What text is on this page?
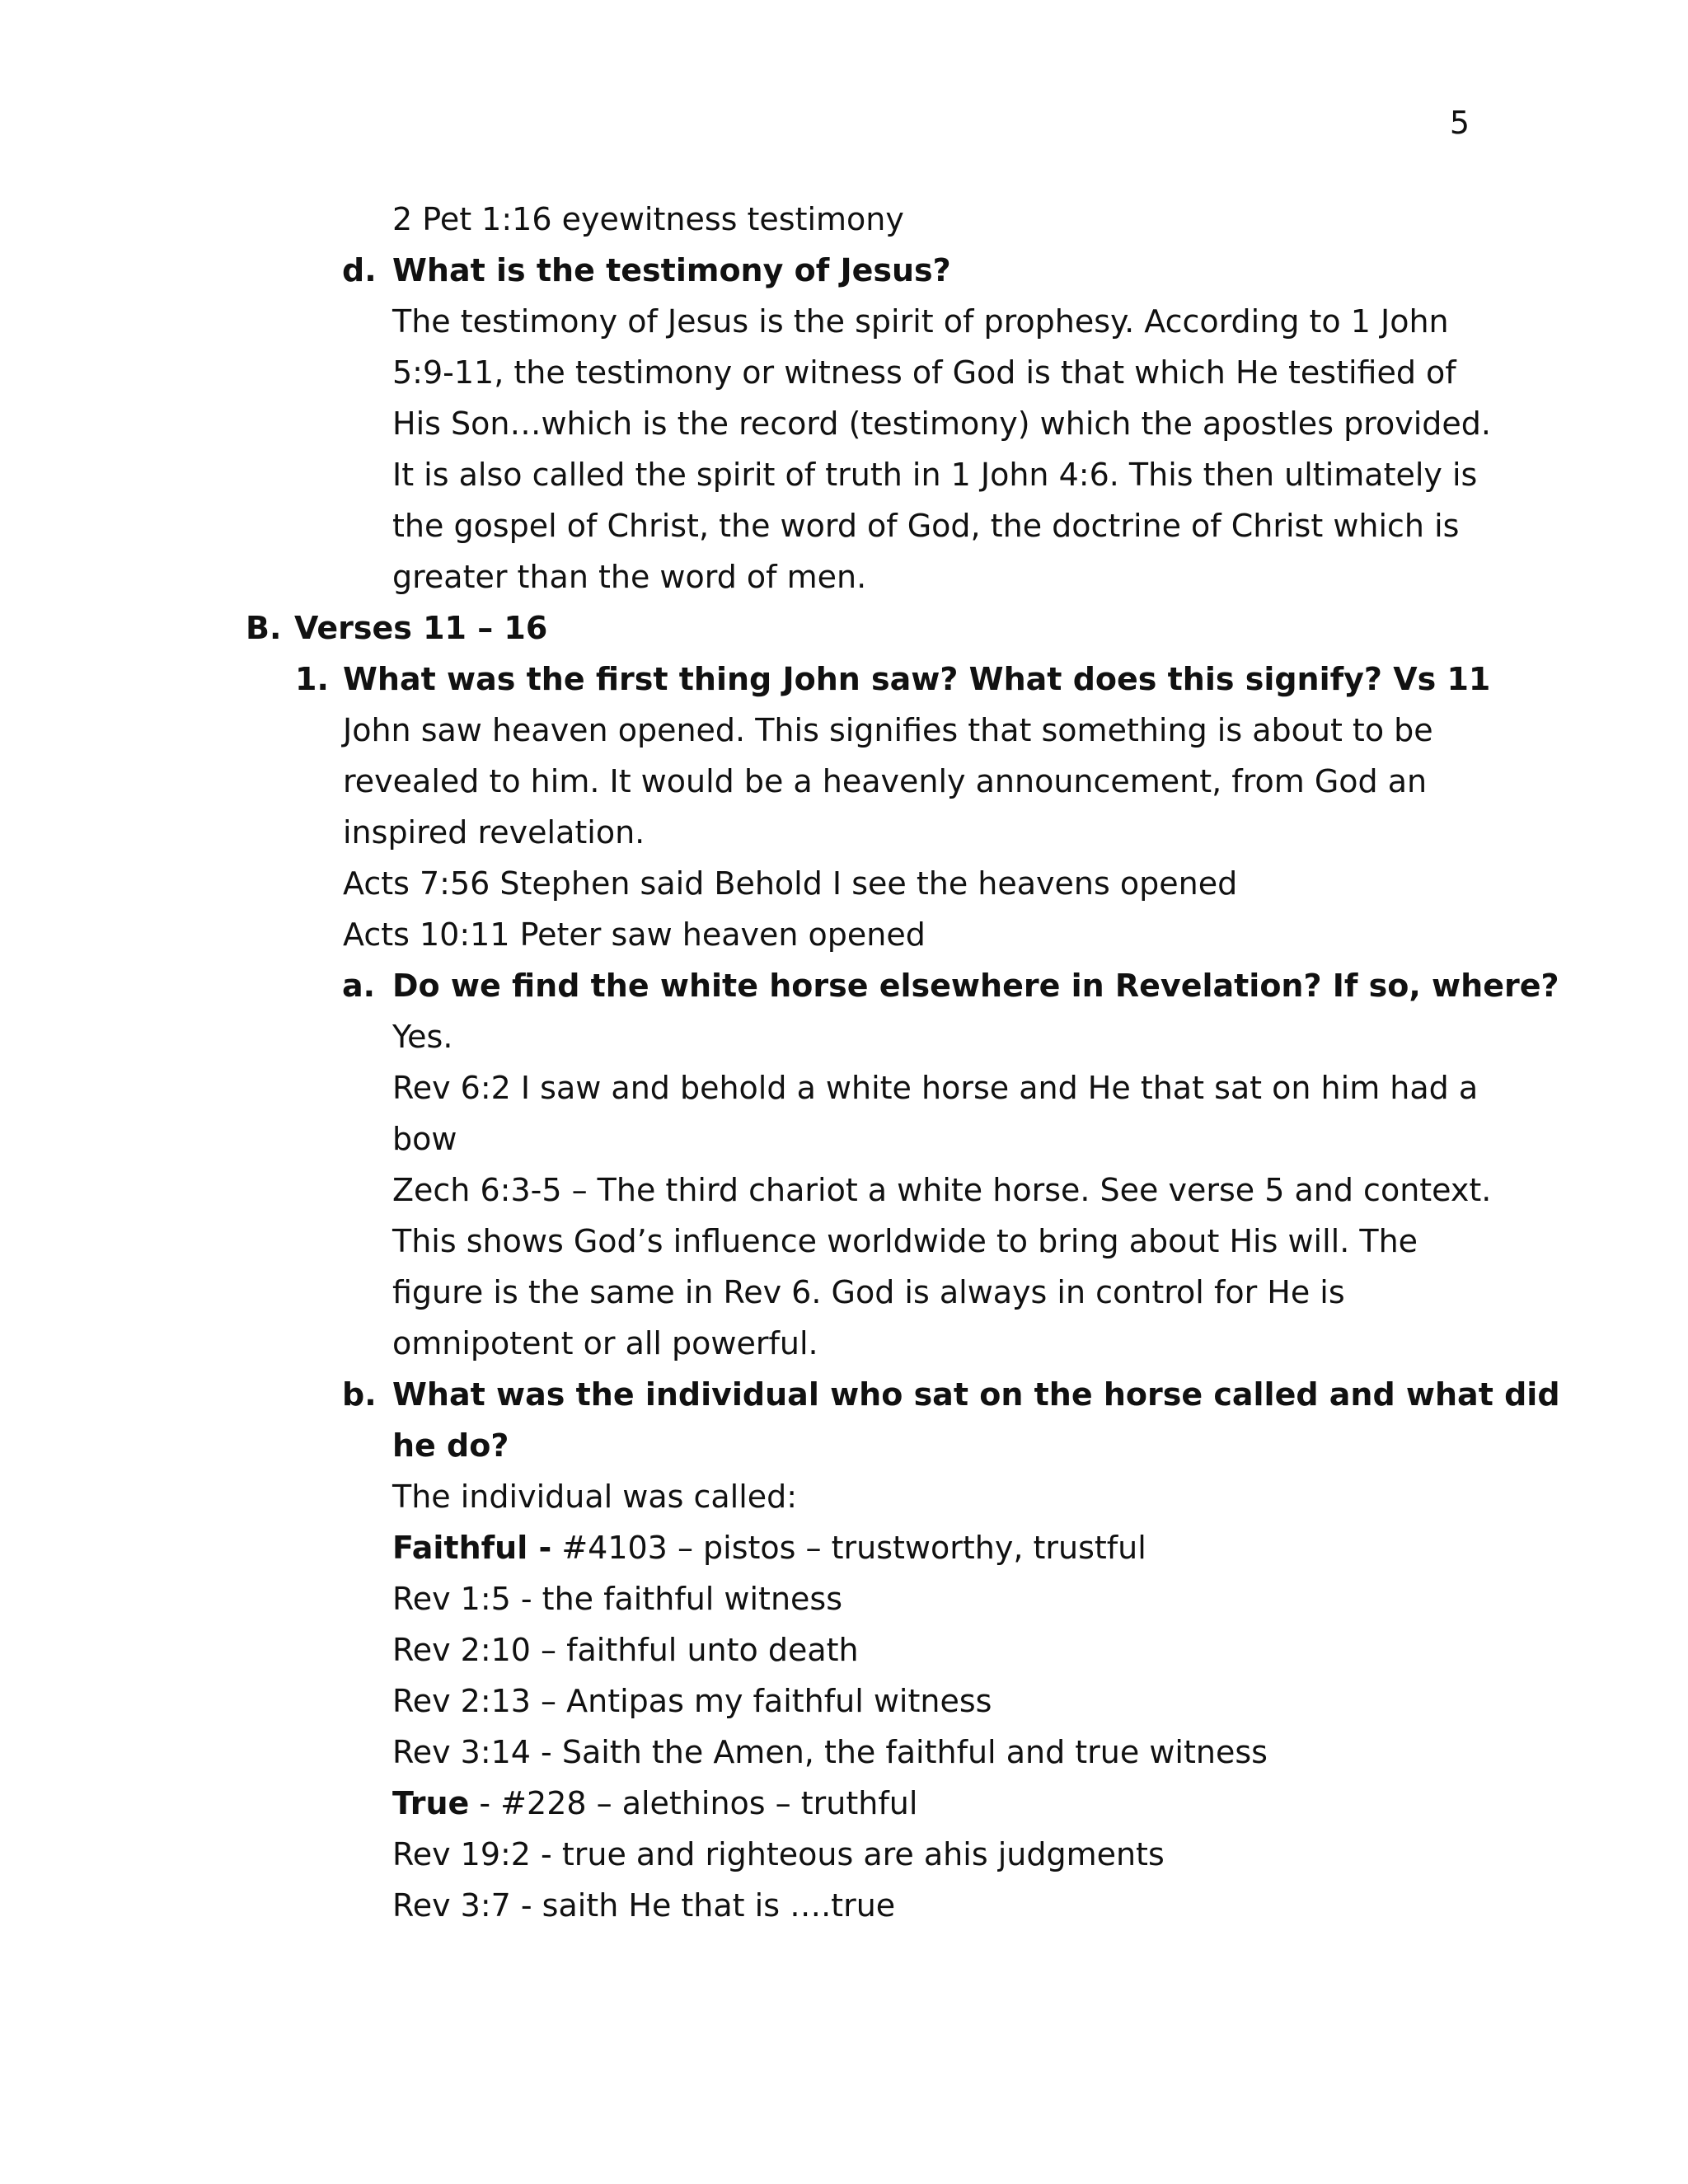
5
2 Pet 1:16 eyewitness testimony
d. What is the testimony of Jesus?
The testimony of Jesus is the spirit of prophesy. According to 1 John
5:9-11, the testimony or witness of God is that which He testified of
His Son…which is the record (testimony) which the apostles provided.
It is also called the spirit of truth in 1 John 4:6. This then ultimately is
the gospel of Christ, the word of God, the doctrine of Christ which is
greater than the word of men.
B. Verses 11 – 16
1. What was the first thing John saw? What does this signify? Vs 11
John saw heaven opened. This signifies that something is about to be
revealed to him. It would be a heavenly announcement, from God an
inspired revelation.
Acts 7:56 Stephen said Behold I see the heavens opened
Acts 10:11 Peter saw heaven opened
a. Do we find the white horse elsewhere in Revelation? If so, where?
Yes.
Rev 6:2 I saw and behold a white horse and He that sat on him had a
bow
Zech 6:3-5 – The third chariot a white horse. See verse 5 and context.
This shows God’s influence worldwide to bring about His will. The
figure is the same in Rev 6. God is always in control for He is
omnipotent or all powerful.
b. What was the individual who sat on the horse called and what did
he do?
The individual was called:
Faithful - #4103 – pistos – trustworthy, trustful
Rev 1:5 - the faithful witness
Rev 2:10 – faithful unto death
Rev 2:13 – Antipas my faithful witness
Rev 3:14 - Saith the Amen, the faithful and true witness
True - #228 – alethinos – truthful
Rev 19:2 - true and righteous are ahis judgments
Rev 3:7 - saith He that is ….true
